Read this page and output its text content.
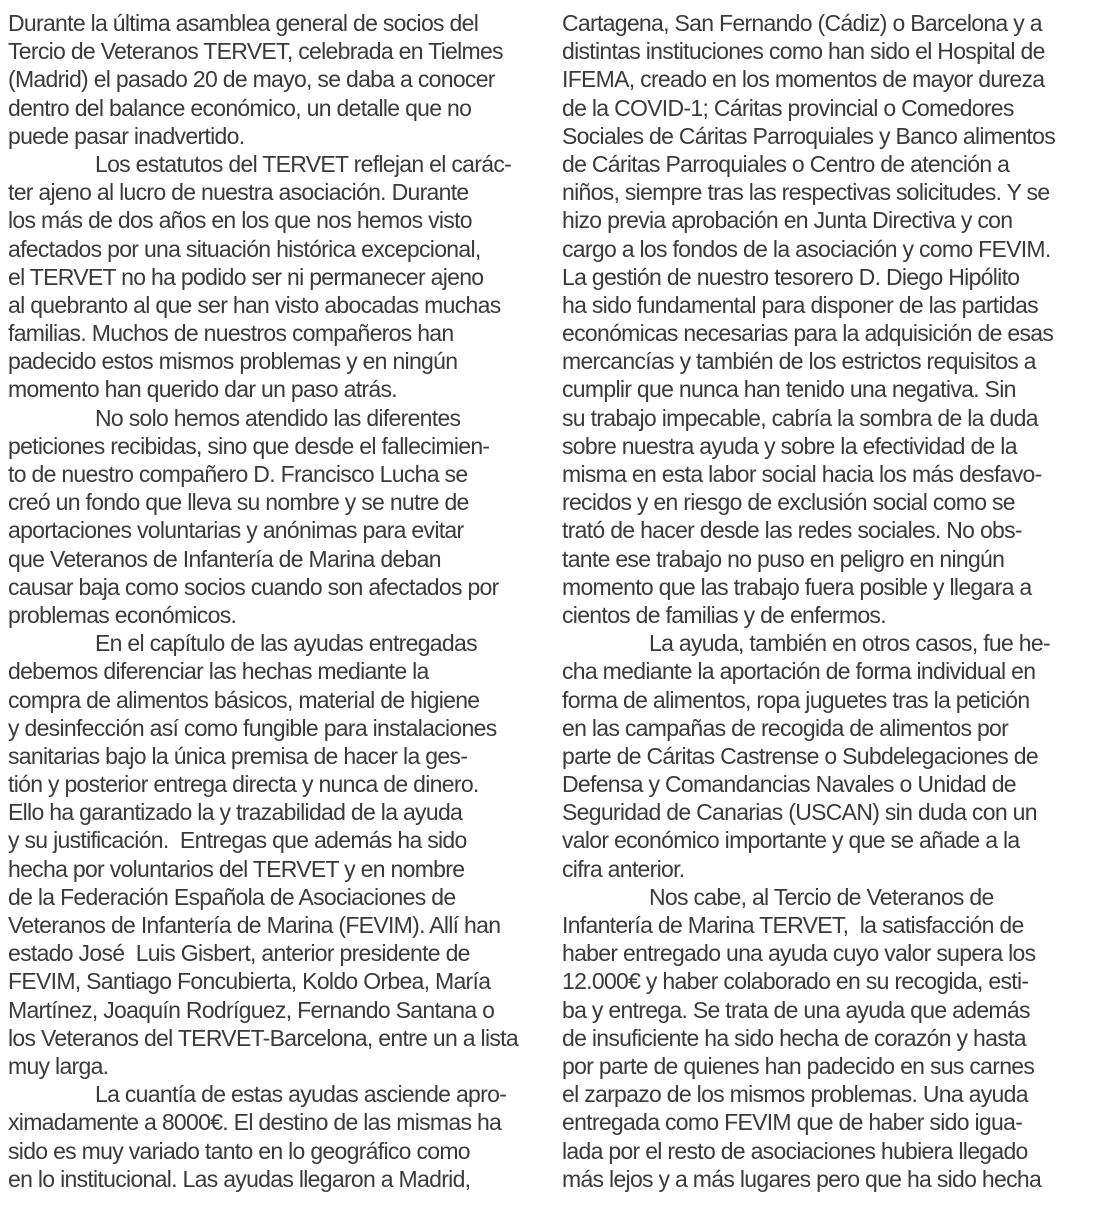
Durante la última asamblea general de socios del
Tercio de Veteranos TERVET, celebrada en Tielmes
(Madrid) el pasado 20 de mayo, se daba a conocer
dentro del balance económico, un detalle que no
puede pasar inadvertido.
Los estatutos del TERVET reflejan el carác-
ter ajeno al lucro de nuestra asociación. Durante
los más de dos años en los que nos hemos visto
afectados por una situación histórica excepcional,
el TERVET no ha podido ser ni permanecer ajeno
al quebranto al que ser han visto abocadas muchas
familias. Muchos de nuestros compañeros han
padecido estos mismos problemas y en ningún
momento han querido dar un paso atrás.
No solo hemos atendido las diferentes
peticiones recibidas, sino que desde el fallecimien-
to de nuestro compañero D. Francisco Lucha se
creó un fondo que lleva su nombre y se nutre de
aportaciones voluntarias y anónimas para evitar
que Veteranos de Infantería de Marina deban
causar baja como socios cuando son afectados por
problemas económicos.
En el capítulo de las ayudas entregadas
debemos diferenciar las hechas mediante la
compra de alimentos básicos, material de higiene
y desinfección así como fungible para instalaciones
sanitarias bajo la única premisa de hacer la ges-
tión y posterior entrega directa y nunca de dinero.
Ello ha garantizado la y trazabilidad de la ayuda
y su justificación.  Entregas que además ha sido
hecha por voluntarios del TERVET y en nombre
de la Federación Española de Asociaciones de
Veteranos de Infantería de Marina (FEVIM). Allí han
estado José  Luis Gisbert, anterior presidente de
FEVIM, Santiago Foncubierta, Koldo Orbea, María
Martínez, Joaquín Rodríguez, Fernando Santana o
los Veteranos del TERVET-Barcelona, entre un a lista
muy larga.
La cuantía de estas ayudas asciende apro-
ximadamente a 8000€. El destino de las mismas ha
sido es muy variado tanto en lo geográfico como
en lo institucional. Las ayudas llegaron a Madrid,

Cartagena, San Fernando (Cádiz) o Barcelona y a
distintas instituciones como han sido el Hospital de
IFEMA, creado en los momentos de mayor dureza
de la COVID-1; Cáritas provincial o Comedores
Sociales de Cáritas Parroquiales y Banco alimentos
de Cáritas Parroquiales o Centro de atención a
niños, siempre tras las respectivas solicitudes. Y se
hizo previa aprobación en Junta Directiva y con
cargo a los fondos de la asociación y como FEVIM.
La gestión de nuestro tesorero D. Diego Hipólito
ha sido fundamental para disponer de las partidas
económicas necesarias para la adquisición de esas
mercancías y también de los estrictos requisitos a
cumplir que nunca han tenido una negativa. Sin
su trabajo impecable, cabría la sombra de la duda
sobre nuestra ayuda y sobre la efectividad de la
misma en esta labor social hacia los más desfavo-
recidos y en riesgo de exclusión social como se
trató de hacer desde las redes sociales. No obs-
tante ese trabajo no puso en peligro en ningún
momento que las trabajo fuera posible y llegara a
cientos de familias y de enfermos.
La ayuda, también en otros casos, fue he-
cha mediante la aportación de forma individual en
forma de alimentos, ropa juguetes tras la petición
en las campañas de recogida de alimentos por
parte de Cáritas Castrense o Subdelegaciones de
Defensa y Comandancias Navales o Unidad de
Seguridad de Canarias (USCAN) sin duda con un
valor económico importante y que se añade a la
cifra anterior.
Nos cabe, al Tercio de Veteranos de
Infantería de Marina TERVET,  la satisfacción de
haber entregado una ayuda cuyo valor supera los
12.000€ y haber colaborado en su recogida, esti-
ba y entrega. Se trata de una ayuda que además
de insuficiente ha sido hecha de corazón y hasta
por parte de quienes han padecido en sus carnes
el zarpazo de los mismos problemas. Una ayuda
entregada como FEVIM que de haber sido igua-
lada por el resto de asociaciones hubiera llegado
más lejos y a más lugares pero que ha sido hecha
